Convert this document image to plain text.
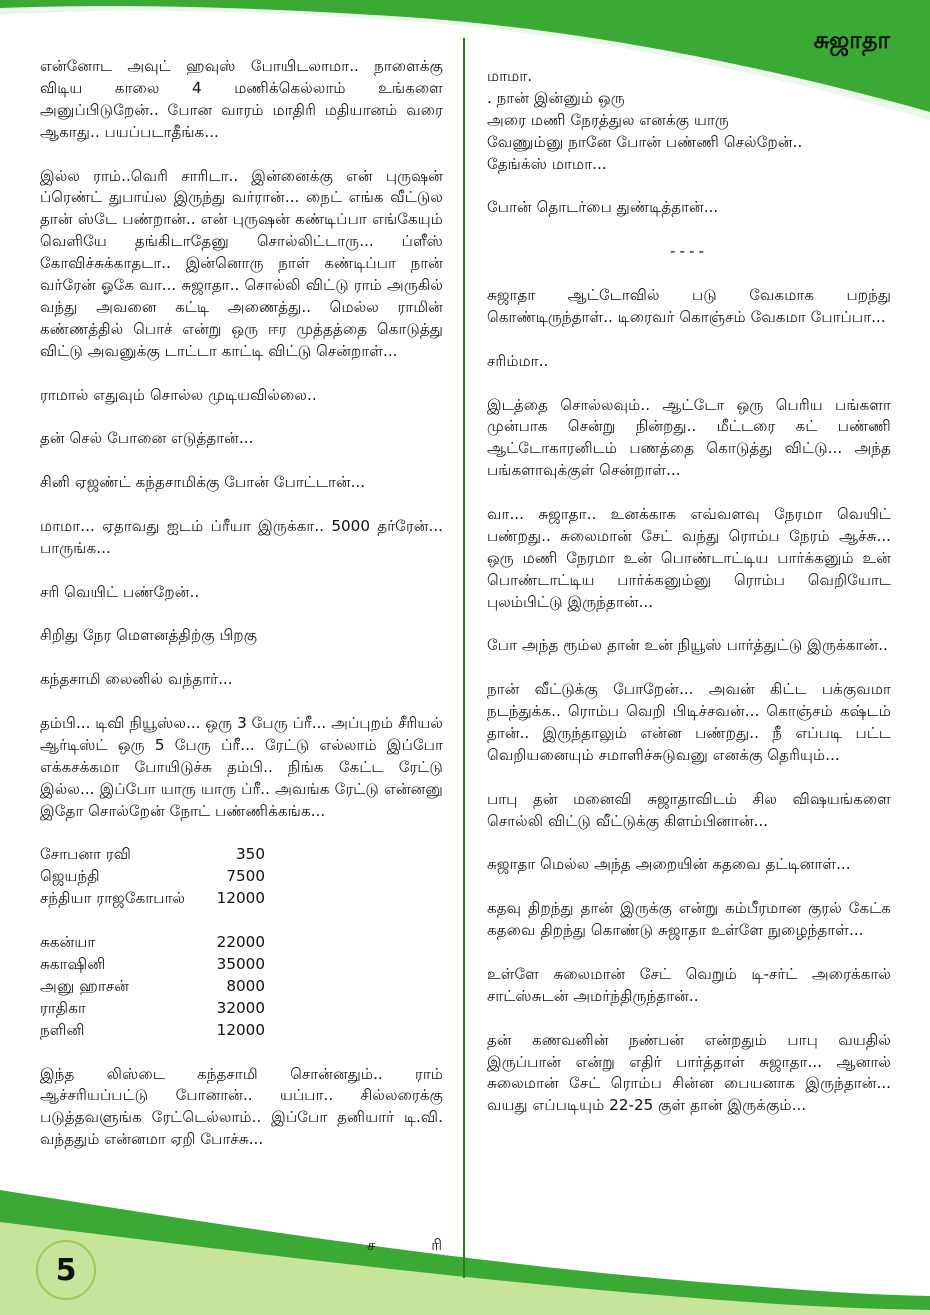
சுஜாதா

என்னோட அவுட் ஹவுஸ் போயிடலாமா.. நாளைக்கு விடிய காலை 4 மணிக்கெல்லாம் உங்களை அனுப்பிடுறேன்.. போன வாரம் மாதிரி மதியானம் வரை ஆகாது.. பயப்படாதீங்க...

இல்ல ராம்..வெரி சாரிடா.. இன்னைக்கு என் புருஷன் ப்ரெண்ட் துபாய்ல இருந்து வர்ரான்... நைட் எங்க வீட்டுல தான் ஸ்டே பண்றான்.. என் புருஷன் கண்டிப்பா எங்கேயும் வெளியே தங்கிடாதேனு சொல்லிட்டாரு... ப்ளீஸ் கோவிச்சுக்காதடா.. இன்னொரு நாள் கண்டிப்பா நான் வர்ரேன் ஓகே வா... சுஜாதா.. சொல்லி விட்டு ராம் அருகில் வந்து அவனை கட்டி அணைத்து.. மெல்ல ராமின் கண்ணத்தில் பொச் என்று ஒரு ஈர முத்தத்தை கொடுத்து விட்டு அவனுக்கு டாட்டா காட்டி விட்டு சென்றாள்...

ராமால் எதுவும் சொல்ல முடியவில்லை..

தன் செல் போனை எடுத்தான்...

சினி ஏஜண்ட் கந்தசாமிக்கு போன் போட்டான்...

மாமா... ஏதாவது ஐடம் ப்ரீயா இருக்கா.. 5000 தர்ரேன்... பாருங்க...

சரி வெயிட் பண்றேன்..

சிறிது நேர மௌனத்திற்கு பிறகு

கந்தசாமி லைனில் வந்தார்...

தம்பி... டிவி நியூஸ்ல... ஒரு 3 பேரு ப்ரீ... அப்புறம் சீரியல் ஆர்டிஸ்ட் ஒரு 5 பேரு ப்ரீ... ரேட்டு எல்லாம் இப்போ எக்கசக்கமா போயிடுச்சு தம்பி.. நிங்க கேட்ட ரேட்டு இல்ல... இப்போ யாரு யாரு ப்ரீ.. அவங்க ரேட்டு என்னனு இதோ சொல்றேன் நோட் பண்ணிக்கங்க...

சோபனா ரவி	350
ஜெயந்தி	7500
சந்தியா ராஜகோபால்	12000
சுகன்யா	22000
சுகாஷினி	35000
அனு ஹாசன்	8000
ராதிகா	32000
நளினி	12000

இந்த லிஸ்டை கந்தசாமி சொன்னதும்.. ராம் ஆச்சரியப்பட்டு போனான்.. யப்பா.. சில்லரைக்கு படுத்தவளுங்க ரேட்டெல்லாம்.. இப்போ தனியார் டி.வி. வந்ததும் என்னமா ஏறி போச்சு...

ச	ரி
மாமா.
. நான் இன்னும் ஒரு
அரை மணி நேரத்துல எனக்கு யாரு
வேணும்னு நானே போன் பண்ணி செல்றேன்..
தேங்க்ஸ் மாமா...

போன் தொடர்பை துண்டித்தான்...

----

சுஜாதா ஆட்டோவில் படு வேகமாக பறந்து கொண்டிருந்தாள்.. டிரைவர் கொஞ்சம் வேகமா போப்பா...

சரிம்மா..

இடத்தை சொல்லவும்.. ஆட்டோ ஒரு பெரிய பங்களா முன்பாக சென்று நின்றது.. மீட்டரை கட் பண்ணி ஆட்டோகாரனிடம் பணத்தை கொடுத்து விட்டு... அந்த பங்களாவுக்குள் சென்றாள்...

வா... சுஜாதா.. உனக்காக எவ்வளவு நேரமா வெயிட் பண்றது.. சுலைமான் சேட் வந்து ரொம்ப நேரம் ஆச்சு... ஒரு மணி நேரமா உன் பொண்டாட்டிய பார்க்கனும் உன் பொண்டாட்டிய பார்க்கனும்னு ரொம்ப வெறியோட புலம்பிட்டு இருந்தான்...

போ அந்த ரூம்ல தான் உன் நியூஸ் பார்த்துட்டு இருக்கான்..

நான் வீட்டுக்கு போறேன்... அவன் கிட்ட பக்குவமா நடந்துக்க.. ரொம்ப வெறி பிடிச்சவன்... கொஞ்சம் கஷ்டம் தான்.. இருந்தாலும் என்ன பண்றது.. நீ எப்படி பட்ட வெறியனையும் சமாளிச்சுடுவனு எனக்கு தெரியும்...

பாபு தன் மனைவி சுஜாதாவிடம் சில விஷயங்களை சொல்லி விட்டு வீட்டுக்கு கிளம்பினான்...

சுஜாதா மெல்ல அந்த அறையின் கதவை தட்டினாள்...

கதவு திறந்து தான் இருக்கு என்று கம்பீரமான குரல் கேட்க கதவை திறந்து கொண்டு சுஜாதா உள்ளே நுழைந்தாள்...

உள்ளே சுலைமான் சேட் வெறும் டி-சர்ட் அரைக்கால் சாட்ஸ்சுடன் அமர்ந்திருந்தான்..

தன் கணவனின் நண்பன் என்றதும் பாபு வயதில் இருப்பான் என்று எதிர் பார்த்தாள் சுஜாதா... ஆனால் சுலைமான் சேட் ரொம்ப சின்ன பையனாக இருந்தான்... வயது எப்படியும் 22-25 குள் தான் இருக்கும்...

5
